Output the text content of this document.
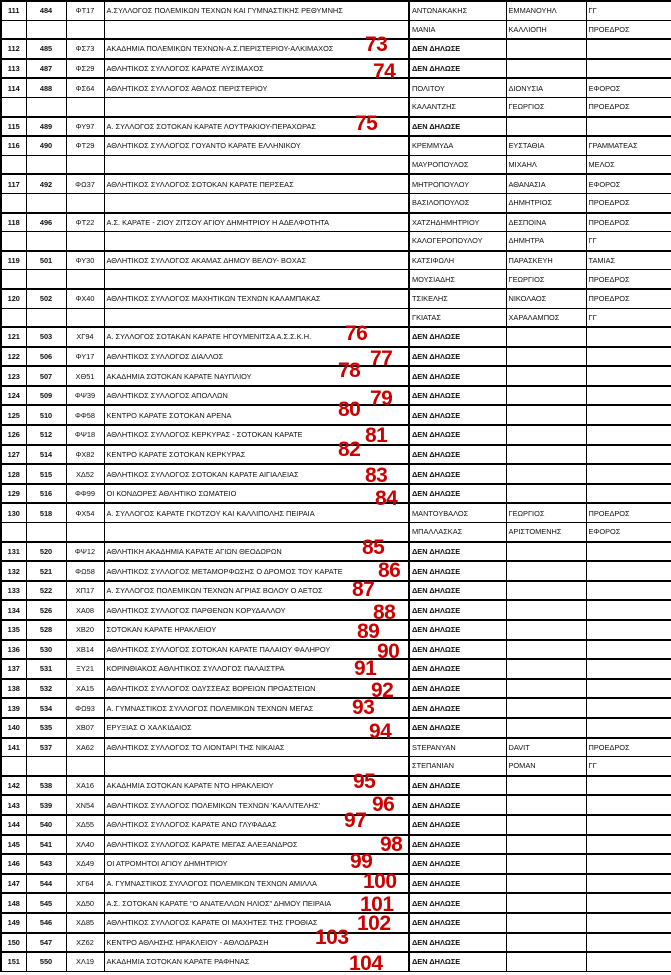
111	484	ΦΤ17	Α.ΣΥΛΛΟΓΟΣ ΠΟΛΕΜΙΚΩΝ ΤΕΧΝΩΝ ΚΑΙ ΓΥΜΝΑΣΤΙΚΗΣ ΡΕΘΥΜΝΗΣ	ΑΝΤΩΝΑΚΑΚΗΣ	ΕΜΜΑΝΟΥΗΛ	ΓΓ
				ΜΑΝΙΑ	ΚΑΛΛΙΟΠΗ	ΠΡΟΕΔΡΟΣ
112	485	ΦΣ73	ΑΚΑΔΗΜΙΑ ΠΟΛΕΜΙΚΩΝ ΤΕΧΝΩΝ-Α.Σ.ΠΕΡΙΣΤΕΡΙΟΥ-ΑΛΚΙΜΑΧΟΣ	ΔΕΝ ΔΗΛΩΣΕ		
113	487	ΦΣ29	ΑΘΛΗΤΙΚΟΣ ΣΥΛΛΟΓΟΣ ΚΑΡΑΤΕ ΛΥΣΙΜΑΧΟΣ	ΔΕΝ ΔΗΛΩΣΕ		
114	488	ΦΣ64	ΑΘΛΗΤΙΚΟΣ ΣΥΛΛΟΓΟΣ ΑΘΛΟΣ ΠΕΡΙΣΤΕΡΙΟΥ	ΠΟΛΙΤΟΥ	ΔΙΟΝΥΣΙΑ	ΕΦΟΡΟΣ
				ΚΑΛΑΝΤΖΗΣ	ΓΕΩΡΓΙΟΣ	ΠΡΟΕΔΡΟΣ
115	489	ΦΥ97	Α. ΣΥΛΛΟΓΟΣ ΣΟΤΟΚΑΝ ΚΑΡΑΤΕ ΛΟΥΤΡΑΚΙΟΥ-ΠΕΡΑΧΩΡΑΣ	ΔΕΝ ΔΗΛΩΣΕ		
116	490	ΦΤ29	ΑΘΛΗΤΙΚΟΣ ΣΥΛΛΟΓΟΣ ΓΟΥΑΝΤΟ ΚΑΡΑΤΕ ΕΛΛΗΝΙΚΟΥ	ΚΡΕΜΜΥΔΑ	ΕΥΣΤΑΘΙΑ	ΓΡΑΜΜΑΤΕΑΣ
				ΜΑΥΡΟΠΟΥΛΟΣ	ΜΙΧΑΗΛ	ΜΕΛΟΣ
117	492	ΦΩ37	ΑΘΛΗΤΙΚΟΣ ΣΥΛΛΟΓΟΣ ΣΟΤΟΚΑΝ ΚΑΡΑΤΕ ΠΕΡΣΕΑΣ	ΜΗΤΡΟΠΟΥΛΟΥ	ΑΘΑΝΑΣΙΑ	ΕΦΟΡΟΣ
				ΒΑΣΙΛΟΠΟΥΛΟΣ	ΔΗΜΗΤΡΙΟΣ	ΠΡΟΕΔΡΟΣ
118	496	ΦΤ22	Α.Σ. ΚΑΡΑΤΕ - ΖΙΟΥ ΖΙΤΣΟΥ ΑΓΙΟΥ ΔΗΜΗΤΡΙΟΥ Η ΑΔΕΛΦΟΤΗΤΑ	ΧΑΤΖΗΔΗΜΗΤΡΙΟΥ	ΔΕΣΠΟΙΝΑ	ΠΡΟΕΔΡΟΣ
				ΚΑΛΟΓΕΡΟΠΟΥΛΟΥ	ΔΗΜΗΤΡΑ	ΓΓ
119	501	ΦΥ30	ΑΘΛΗΤΙΚΟΣ ΣΥΛΛΟΓΟΣ ΑΚΑΜΑΣ ΔΗΜΟΥ ΒΕΛΟΥ- ΒΟΧΑΣ	ΚΑΤΣΙΦΩΛΗ	ΠΑΡΑΣΚΕΥΗ	ΤΑΜΙΑΣ
				ΜΟΥΣΙΑΔΗΣ	ΓΕΩΡΓΙΟΣ	ΠΡΟΕΔΡΟΣ
120	502	ΦΧ40	ΑΘΛΗΤΙΚΟΣ ΣΥΛΛΟΓΟΣ ΜΑΧΗΤΙΚΩΝ ΤΕΧΝΩΝ ΚΑΛΑΜΠΑΚΑΣ	ΤΣΙΚΕΛΗΣ	ΝΙΚΟΛΑΟΣ	ΠΡΟΕΔΡΟΣ
				ΓΚΙΑΤΑΣ	ΧΑΡΑΛΑΜΠΟΣ	ΓΓ
121	503	ΧΓ94	Α. ΣΥΛΛΟΓΟΣ ΣΟΤΑΚΑΝ ΚΑΡΑΤΕ ΗΓΟΥΜΕΝΙΤΣΑ Α.Σ.Σ.Κ.Η.	ΔΕΝ ΔΗΛΩΣΕ		
122	506	ΦΥ17	ΑΘΛΗΤΙΚΟΣ ΣΥΛΛΟΓΟΣ ΔΙΑΛΛΟΣ	ΔΕΝ ΔΗΛΩΣΕ		
123	507	ΧΘ51	ΑΚΑΔΗΜΙΑ ΣΟΤΟΚΑΝ ΚΑΡΑΤΕ ΝΑΥΠΛΙΟΥ	ΔΕΝ ΔΗΛΩΣΕ		
124	509	ΦΨ39	ΑΘΛΗΤΙΚΟΣ ΣΥΛΛΟΓΟΣ ΑΠΟΛΛΩΝ	ΔΕΝ ΔΗΛΩΣΕ		
125	510	ΦΦ58	ΚΕΝΤΡΟ ΚΑΡΑΤΕ ΣΟΤΟΚΑΝ ΑΡΕΝΑ	ΔΕΝ ΔΗΛΩΣΕ		
126	512	ΦΨ18	ΑΘΛΗΤΙΚΟΣ ΣΥΛΛΟΓΟΣ ΚΕΡΚΥΡΑΣ - ΣΟΤΟΚΑΝ ΚΑΡΑΤΕ	ΔΕΝ ΔΗΛΩΣΕ		
127	514	ΦΧ82	ΚΕΝΤΡΟ ΚΑΡΑΤΕ ΣΟΤΟΚΑΝ ΚΕΡΚΥΡΑΣ	ΔΕΝ ΔΗΛΩΣΕ		
128	515	ΧΔ52	ΑΘΛΗΤΙΚΟΣ ΣΥΛΛΟΓΟΣ ΣΟΤΟΚΑΝ ΚΑΡΑΤΕ ΑΙΓΙΑΛΕΙΑΣ	ΔΕΝ ΔΗΛΩΣΕ		
129	516	ΦΦ99	ΟΙ ΚΟΝΔΟΡΕΣ ΑΘΛΗΤΙΚΟ ΣΩΜΑΤΕΙΟ	ΔΕΝ ΔΗΛΩΣΕ		
130	518	ΦΧ54	Α. ΣΥΛΛΟΓΟΣ ΚΑΡΑΤΕ ΓΚΟΤΖΟΥ ΚΑΙ ΚΑΛΛΙΠΟΛΗΣ ΠΕΙΡΑΙΑ	ΜΑΝΤΟΥΒΑΛΟΣ	ΓΕΩΡΓΙΟΣ	ΠΡΟΕΔΡΟΣ
				ΜΠΑΛΛΑΣΚΑΣ	ΑΡΙΣΤΟΜΕΝΗΣ	ΕΦΟΡΟΣ
131	520	ΦΨ12	ΑΘΛΗΤΙΚΗ ΑΚΑΔΗΜΙΑ ΚΑΡΑΤΕ ΑΓΙΩΝ ΘΕΟΔΩΡΩΝ	ΔΕΝ ΔΗΛΩΣΕ		
132	521	ΦΩ58	ΑΘΛΗΤΙΚΟΣ ΣΥΛΛΟΓΟΣ ΜΕΤΑΜΟΡΦΩΣΗΣ Ο ΔΡΟΜΟΣ ΤΟΥ ΚΑΡΑΤΕ	ΔΕΝ ΔΗΛΩΣΕ		
133	522	ΧΠ17	Α. ΣΥΛΛΟΓΟΣ ΠΟΛΕΜΙΚΩΝ ΤΕΧΝΩΝ ΑΓΡΙΑΣ ΒΟΛΟΥ Ο ΑΕΤΟΣ	ΔΕΝ ΔΗΛΩΣΕ		
134	526	ΧΑ08	ΑΘΛΗΤΙΚΟΣ ΣΥΛΛΟΓΟΣ ΠΑΡΘΕΝΩΝ ΚΟΡΥΔΑΛΛΟΥ	ΔΕΝ ΔΗΛΩΣΕ		
135	528	ΧΒ20	ΣΟΤΟΚΑΝ ΚΑΡΑΤΕ ΗΡΑΚΛΕΙΟΥ	ΔΕΝ ΔΗΛΩΣΕ		
136	530	ΧΒ14	ΑΘΛΗΤΙΚΟΣ ΣΥΛΛΟΓΟΣ ΣΟΤΟΚΑΝ ΚΑΡΑΤΕ ΠΑΛΑΙΟΥ ΦΑΛΗΡΟΥ	ΔΕΝ ΔΗΛΩΣΕ		
137	531	ΞΥ21	ΚΟΡΙΝΘΙΑΚΟΣ ΑΘΛΗΤΙΚΟΣ ΣΥΛΛΟΓΟΣ ΠΑΛΑΙΣΤΡΑ	ΔΕΝ ΔΗΛΩΣΕ		
138	532	ΧΑ15	ΑΘΛΗΤΙΚΟΣ ΣΥΛΛΟΓΟΣ ΟΔΥΣΣΕΑΣ ΒΟΡΕΙΩΝ ΠΡΟΑΣΤΕΙΩΝ	ΔΕΝ ΔΗΛΩΣΕ		
139	534	ΦΩ93	Α. ΓΥΜΝΑΣΤΙΚΟΣ ΣΥΛΛΟΓΟΣ ΠΟΛΕΜΙΚΩΝ ΤΕΧΝΩΝ ΜΕΓΑΣ	ΔΕΝ ΔΗΛΩΣΕ		
140	535	ΧΒ07	ΕΡΥΞΙΑΣ Ο ΧΑΛΚΙΔΑΙΟΣ	ΔΕΝ ΔΗΛΩΣΕ		
141	537	ΧΑ62	ΑΘΛΗΤΙΚΟΣ ΣΥΛΛΟΓΟΣ ΤΟ ΛΙΟΝΤΑΡΙ ΤΗΣ ΝΙΚΑΙΑΣ	STEPANYAN	DAVIT	ΠΡΟΕΔΡΟΣ
				ΣΤΕΠΑΝΙΑΝ	ΡΟΜΑΝ	ΓΓ
142	538	ΧΑ16	ΑΚΑΔΗΜΙΑ ΣΟΤΟΚΑΝ ΚΑΡΑΤΕ ΝΤΟ ΗΡΑΚΛΕΙΟΥ	ΔΕΝ ΔΗΛΩΣΕ		
143	539	ΧΝ54	ΑΘΛΗΤΙΚΟΣ ΣΥΛΛΟΓΟΣ ΠΟΛΕΜΙΚΩΝ ΤΕΧΝΩΝ 'ΚΑΛΛΙΤΕΛΗΣ'	ΔΕΝ ΔΗΛΩΣΕ		
144	540	ΧΔ55	ΑΘΛΗΤΙΚΟΣ ΣΥΛΛΟΓΟΣ ΚΑΡΑΤΕ ΑΝΩ ΓΛΥΦΑΔΑΣ	ΔΕΝ ΔΗΛΩΣΕ		
145	541	ΧΛ40	ΑΘΛΗΤΙΚΟΣ ΣΥΛΛΟΓΟΣ ΚΑΡΑΤΕ ΜΕΓΑΣ ΑΛΕΞΑΝΔΡΟΣ	ΔΕΝ ΔΗΛΩΣΕ		
146	543	ΧΔ49	ΟΙ ΑΤΡΟΜΗΤΟΙ ΑΓΙΟΥ ΔΗΜΗΤΡΙΟΥ	ΔΕΝ ΔΗΛΩΣΕ		
147	544	ΧΓ64	Α. ΓΥΜΝΑΣΤΙΚΟΣ ΣΥΛΛΟΓΟΣ ΠΟΛΕΜΙΚΩΝ ΤΕΧΝΩΝ ΑΜΙΛΛΑ	ΔΕΝ ΔΗΛΩΣΕ		
148	545	ΧΔ50	Α.Σ. ΣΟΤΟΚΑΝ ΚΑΡΑΤΕ "Ο ΑΝΑΤΕΛΛΩΝ ΗΛΙΟΣ" ΔΗΜΟΥ ΠΕΙΡΑΙΑ	ΔΕΝ ΔΗΛΩΣΕ		
149	546	ΧΔ85	ΑΘΛΗΤΙΚΟΣ ΣΥΛΛΟΓΟΣ ΚΑΡΑΤΕ ΟΙ ΜΑΧΗΤΕΣ ΤΗΣ ΓΡΟΘΙΑΣ	ΔΕΝ ΔΗΛΩΣΕ		
150	547	ΧΖ62	ΚΕΝΤΡΟ ΑΘΛΗΣΗΣ ΗΡΑΚΛΕΙΟΥ - ΑΘΛΟΔΡΑΣΗ	ΔΕΝ ΔΗΛΩΣΕ		
151	550	ΧΛ19	ΑΚΑΔΗΜΙΑ ΣΟΤΟΚΑΝ ΚΑΡΑΤΕ ΡΑΦΗΝΑΣ	ΔΕΝ ΔΗΛΩΣΕ		
73
74
75
76
77
78
79
80
81
82
83
84
85
86
87
88
89
90
91
92
93
94
95
96
97
98
99
100
101
102
103
104
